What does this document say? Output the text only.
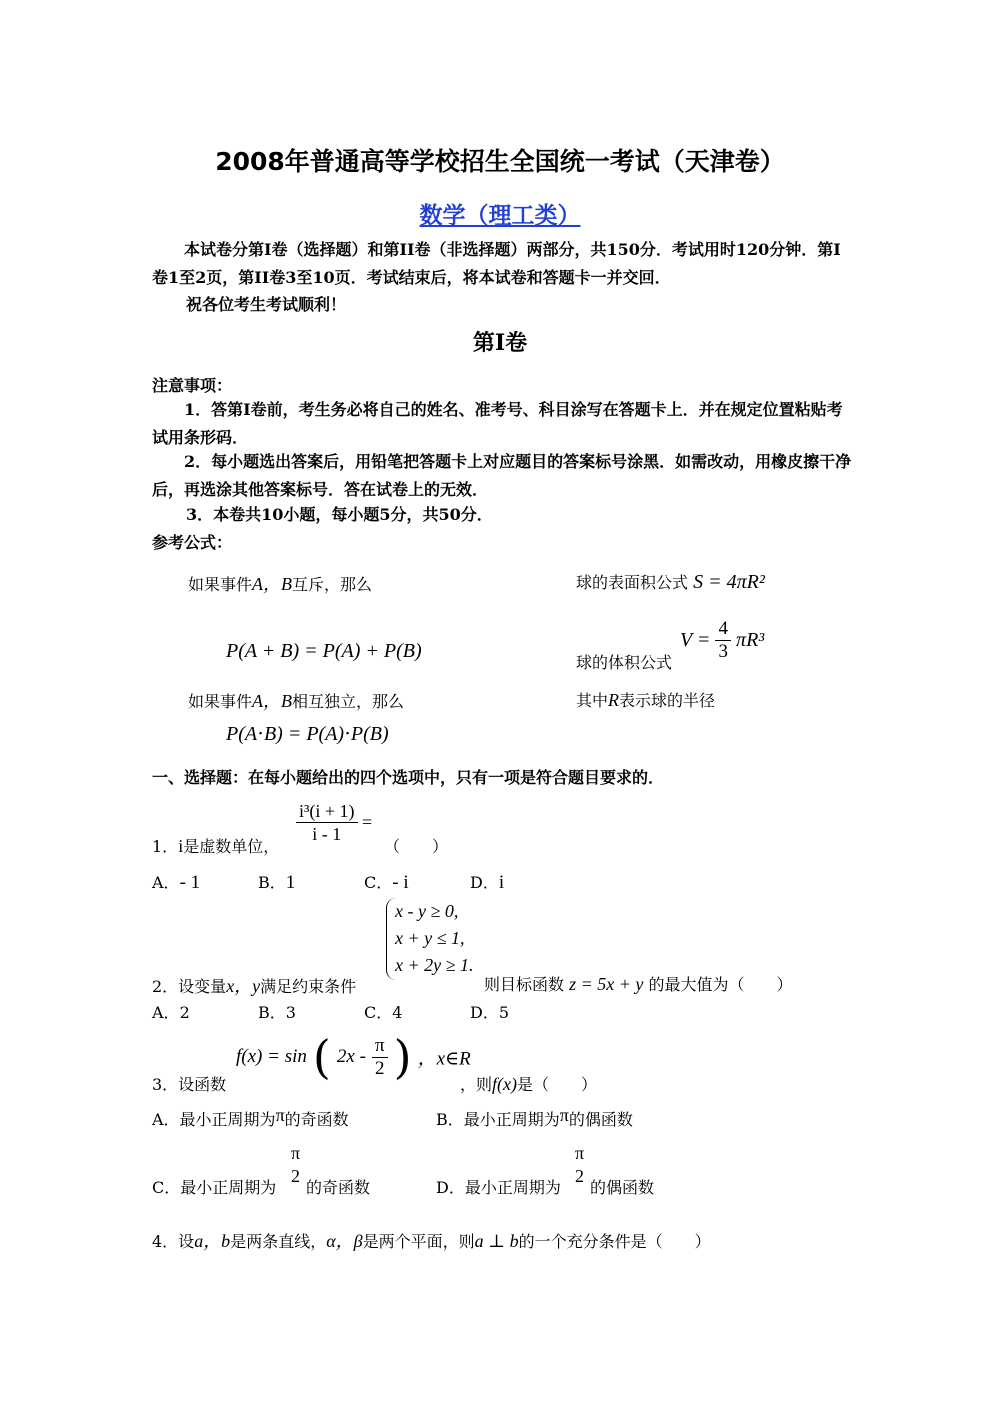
2008年普通高等学校招生全国统一考试（天津卷）
数学（理工类）
本试卷分第I卷（选择题）和第II卷（非选择题）两部分，共150分．考试用时120分钟．第I卷1至2页，第II卷3至10页．考试结束后，将本试卷和答题卡一并交回．
祝各位考生考试顺利！
第I卷
注意事项：
1．答第I卷前，考生务必将自己的姓名、准考号、科目涂写在答题卡上．并在规定位置粘贴考试用条形码．
2．每小题选出答案后，用铅笔把答题卡上对应题目的答案标号涂黑．如需改动，用橡皮擦干净后，再选涂其他答案标号．答在试卷上的无效．
3．本卷共10小题，每小题5分，共50分．
参考公式：
如果事件A，B互斥，那么
P(A + B) = P(A) + P(B)
如果事件A，B相互独立，那么
P(A⋅B) = P(A)⋅P(B)
球的表面积公式 S = 4πR²
球的体积公式
$V = \frac{4}{3} \pi R^3$
其中R表示球的半径
一、选择题：在每小题给出的四个选项中，只有一项是符合题目要求的．
1．i是虚数单位，
$\frac{\text{i³(i + 1)}}{i - 1}$ =
（　　）
A．- 1	B．1	C．- i	D．i
2．设变量x，y满足约束条件
x - y ≥ 0,
x + y ≤ 1,
x + 2y ≥ 1.
则目标函数 z = 5x + y 的最大值为（　　）
A．2	B．3	C．4	D．5
3．设函数
f(x) = sin ( $2x - \frac{\pi}{2}$ ) ，x∈R
，则f(x)是（　　）
A．最小正周期为π的奇函数	B．最小正周期为π的偶函数
C．最小正周期为
$\frac{\pi}{2}$
的奇函数	D．最小正周期为
$\frac{\pi}{2}$
的偶函数
4．设a，b是两条直线，α，β是两个平面，则a ⊥ b的一个充分条件是（　　）
